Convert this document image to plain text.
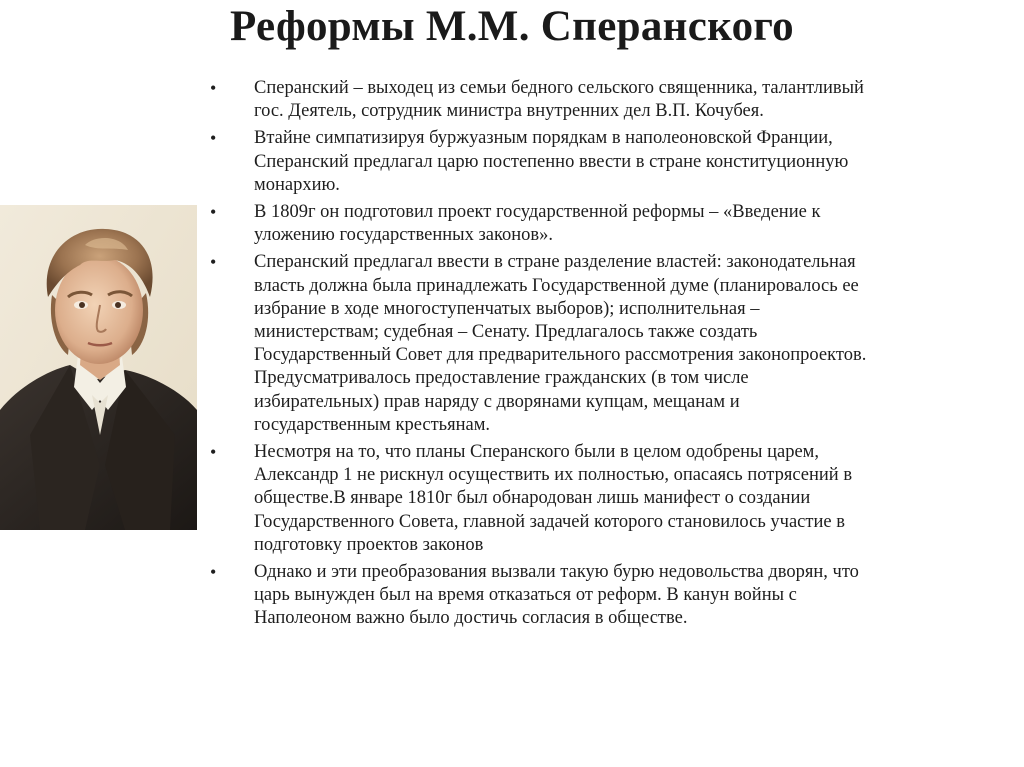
Реформы М.М. Сперанского
•	Сперанский – выходец из семьи бедного сельского священника, талантливый
гос. Деятель, сотрудник министра внутренних дел В.П. Кочубея.
•	Втайне симпатизируя буржуазным порядкам в наполеоновской Франции,
Сперанский предлагал царю постепенно ввести в стране конституционную
монархию.
•	В 1809г он подготовил проект государственной реформы – «Введение к
уложению государственных законов».
•	Сперанский предлагал ввести в стране разделение властей: законодательная
власть должна была принадлежать Государственной думе (планировалось ее
избрание в ходе многоступенчатых выборов); исполнительная –
министерствам; судебная – Сенату. Предлагалось также создать
Государственный Совет для предварительного рассмотрения законопроектов.
Предусматривалось предоставление гражданских (в том числе
избирательных) прав наряду с дворянами купцам, мещанам и
государственным крестьянам.
•	Несмотря на то, что планы Сперанского были в целом одобрены царем,
Александр 1 не рискнул осуществить их полностью, опасаясь потрясений в
обществе.В январе 1810г был обнародован лишь манифест о создании
Государственного Совета, главной задачей которого становилось участие в
подготовку проектов законов
•	Однако и эти преобразования вызвали такую бурю недовольства дворян, что
царь вынужден был на время отказаться от реформ. В канун войны с
Наполеоном важно было достичь согласия в обществе.
